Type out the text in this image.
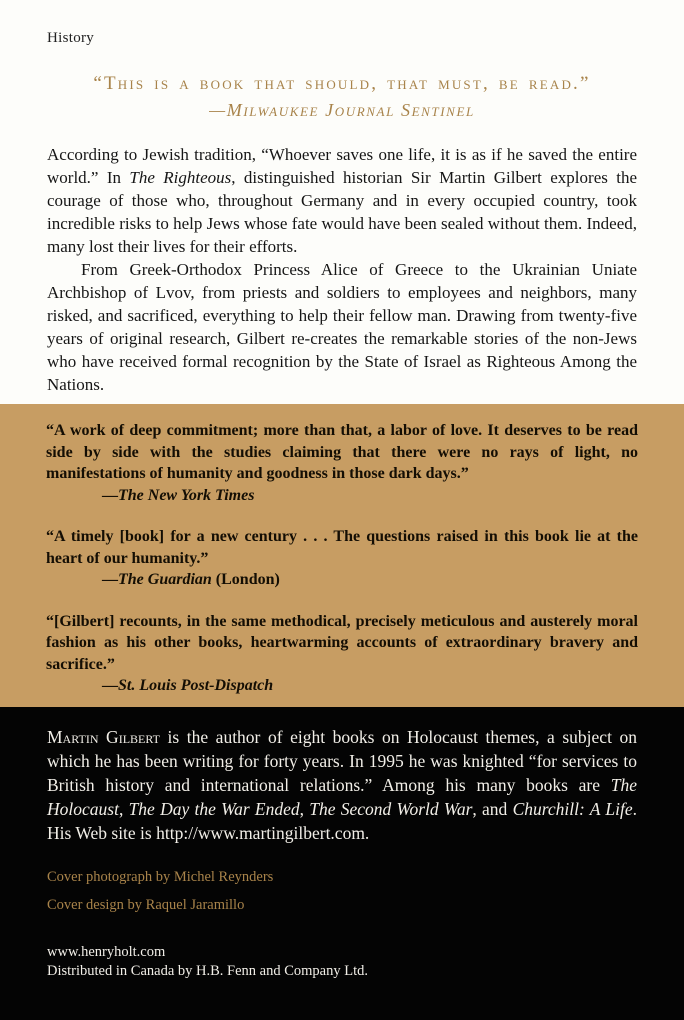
History
“This is a book that should, that must, be read.”
—Milwaukee Journal Sentinel

According to Jewish tradition, “Whoever saves one life, it is as if he saved the entire world.” In The Righteous, distinguished historian Sir Martin Gilbert explores the courage of those who, throughout Germany and in every occupied country, took incredible risks to help Jews whose fate would have been sealed without them. Indeed, many lost their lives for their efforts.

From Greek-Orthodox Princess Alice of Greece to the Ukrainian Uniate Archbishop of Lvov, from priests and soldiers to employees and neighbors, many risked, and sacrificed, everything to help their fellow man. Drawing from twenty-five years of original research, Gilbert re-creates the remarkable stories of the non-Jews who have received formal recognition by the State of Israel as Righteous Among the Nations.

“A work of deep commitment; more than that, a labor of love. It deserves to be read side by side with the studies claiming that there were no rays of light, no manifestations of humanity and goodness in those dark days.”

—The New York Times

“A timely [book] for a new century . . . The questions raised in this book lie at the heart of our humanity.”

—The Guardian (London)

“[Gilbert] recounts, in the same methodical, precisely meticulous and austerely moral fashion as his other books, heartwarming accounts of extraordinary bravery and sacrifice.”

—St. Louis Post-Dispatch

Martin Gilbert is the author of eight books on Holocaust themes, a subject on which he has been writing for forty years. In 1995 he was knighted “for services to British history and international relations.” Among his many books are The Holocaust, The Day the War Ended, The Second World War, and Churchill: A Life. His Web site is http://www.martingilbert.com.

Cover photograph by Michel Reynders

Cover design by Raquel Jaramillo

www.henryholt.com

Distributed in Canada by H.B. Fenn and Company Ltd.
